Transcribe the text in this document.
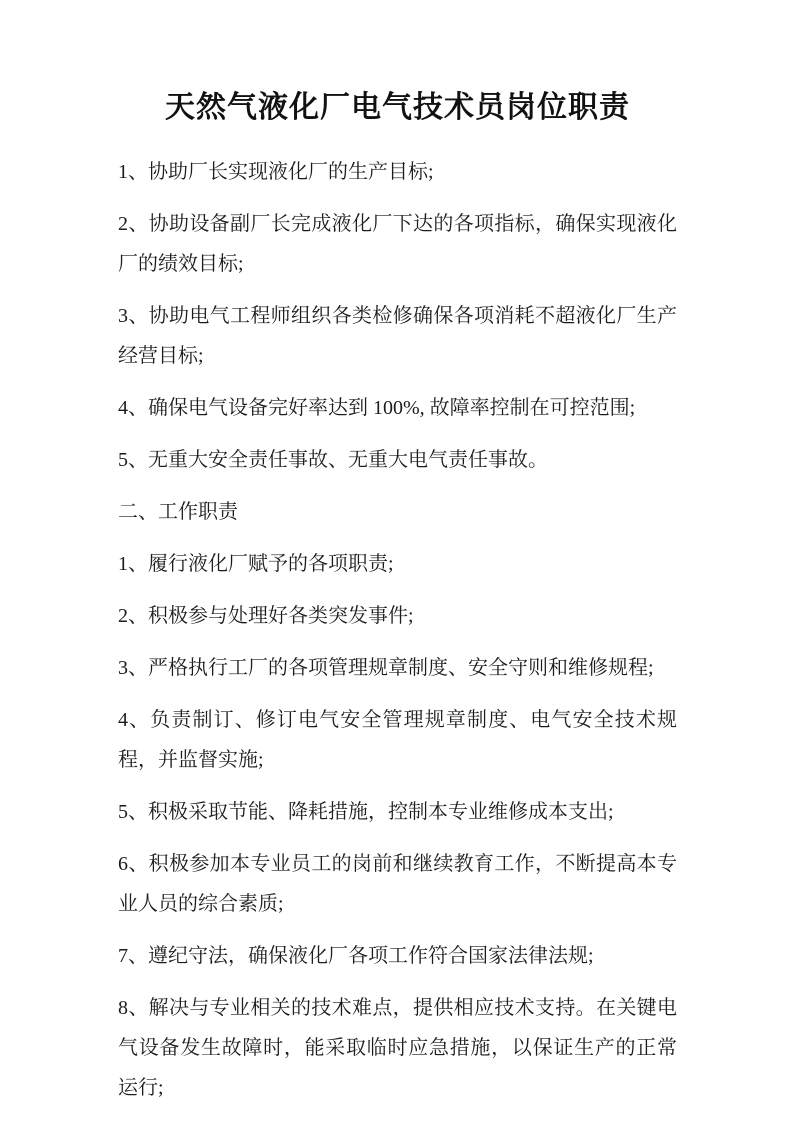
天然气液化厂电气技术员岗位职责

1、协助厂长实现液化厂的生产目标;

2、协助设备副厂长完成液化厂下达的各项指标，确保实现液化厂的绩效目标;

3、协助电气工程师组织各类检修确保各项消耗不超液化厂生产经营目标;

4、确保电气设备完好率达到 100%, 故障率控制在可控范围;

5、无重大安全责任事故、无重大电气责任事故。

二、工作职责

1、履行液化厂赋予的各项职责;

2、积极参与处理好各类突发事件;

3、严格执行工厂的各项管理规章制度、安全守则和维修规程;

4、负责制订、修订电气安全管理规章制度、电气安全技术规程，并监督实施;

5、积极采取节能、降耗措施，控制本专业维修成本支出;

6、积极参加本专业员工的岗前和继续教育工作，不断提高本专业人员的综合素质;

7、遵纪守法，确保液化厂各项工作符合国家法律法规;

8、解决与专业相关的技术难点，提供相应技术支持。在关键电气设备发生故障时，能采取临时应急措施，以保证生产的正常运行;
